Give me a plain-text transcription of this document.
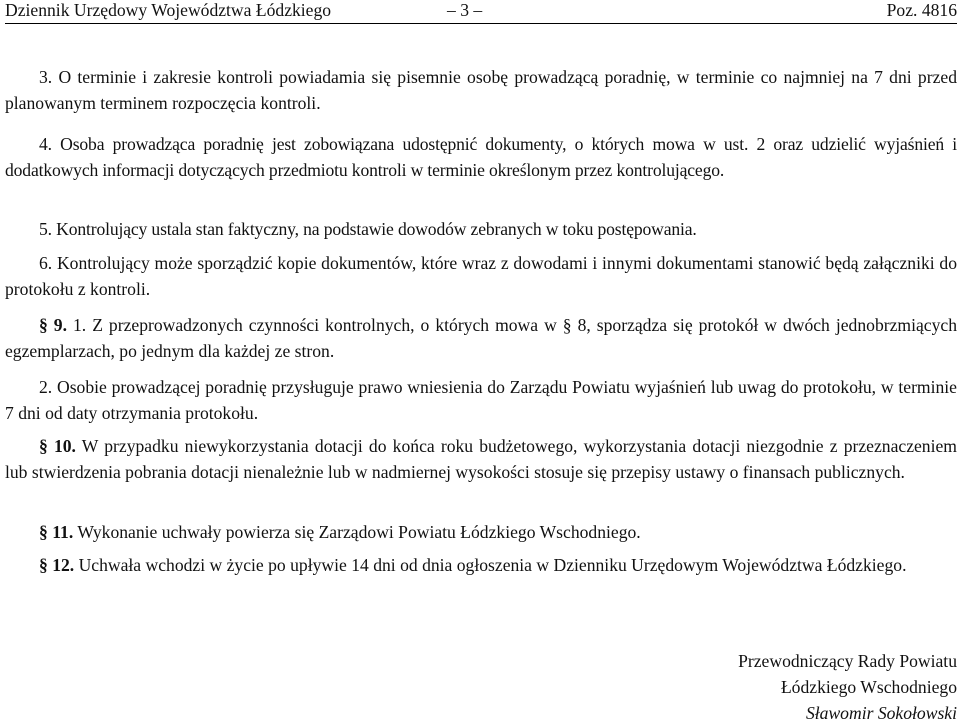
Dziennik Urzędowy Województwa Łódzkiego	– 3 –	Poz. 4816

3. O terminie i zakresie kontroli powiadamia się pisemnie osobę prowadzącą poradnię, w terminie co najmniej na 7 dni przed planowanym terminem rozpoczęcia kontroli.

4. Osoba prowadząca poradnię jest zobowiązana udostępnić dokumenty, o których mowa w ust. 2 oraz udzielić wyjaśnień i dodatkowych informacji dotyczących przedmiotu kontroli w terminie określonym przez kontrolującego.

5. Kontrolujący ustala stan faktyczny, na podstawie dowodów zebranych w toku postępowania.

6. Kontrolujący może sporządzić kopie dokumentów, które wraz z dowodami i innymi dokumentami stanowić będą załączniki do protokołu z kontroli.

§ 9. 1. Z przeprowadzonych czynności kontrolnych, o których mowa w § 8, sporządza się protokół w dwóch jednobrzmiących egzemplarzach, po jednym dla każdej ze stron.

2. Osobie prowadzącej poradnię przysługuje prawo wniesienia do Zarządu Powiatu wyjaśnień lub uwag do protokołu, w terminie 7 dni od daty otrzymania protokołu.

§ 10. W przypadku niewykorzystania dotacji do końca roku budżetowego, wykorzystania dotacji niezgodnie z przeznaczeniem lub stwierdzenia pobrania dotacji nienależnie lub w nadmiernej wysokości stosuje się przepisy ustawy o finansach publicznych.

§ 11. Wykonanie uchwały powierza się Zarządowi Powiatu Łódzkiego Wschodniego.

§ 12. Uchwała wchodzi w życie po upływie 14 dni od dnia ogłoszenia w Dzienniku Urzędowym Województwa Łódzkiego.

Przewodniczący Rady Powiatu
Łódzkiego Wschodniego
Sławomir Sokołowski
